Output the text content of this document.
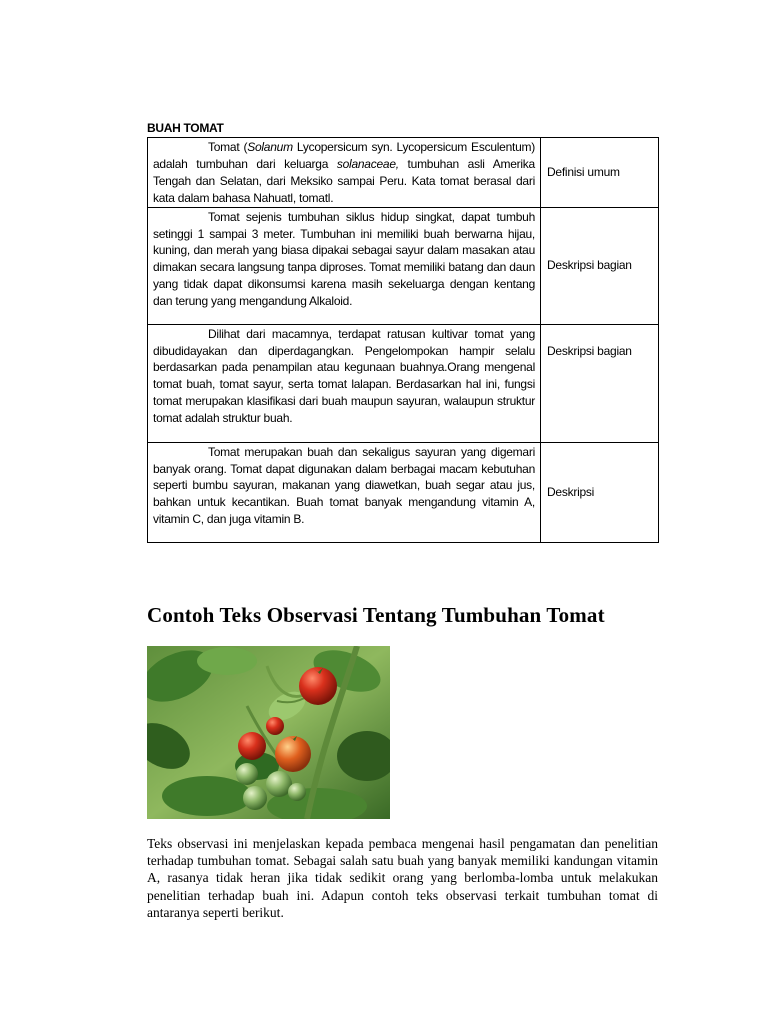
BUAH TOMAT
Tomat (Solanum Lycopersicum syn. Lycopersicum Esculentum) adalah tumbuhan dari keluarga solanaceae, tumbuhan asli Amerika Tengah dan Selatan, dari Meksiko sampai Peru. Kata tomat berasal dari kata dalam bahasa Nahuatl, tomatl.	Definisi umum
Tomat sejenis tumbuhan siklus hidup singkat, dapat tumbuh setinggi 1 sampai 3 meter. Tumbuhan ini memiliki buah berwarna hijau, kuning, dan merah yang biasa dipakai sebagai sayur dalam masakan atau dimakan secara langsung tanpa diproses. Tomat memiliki batang dan daun yang tidak dapat dikonsumsi karena masih sekeluarga dengan kentang dan terung yang mengandung Alkaloid.	Deskripsi bagian
Dilihat dari macamnya, terdapat ratusan kultivar tomat yang dibudidayakan dan diperdagangkan. Pengelompokan hampir selalu berdasarkan pada penampilan atau kegunaan buahnya.Orang mengenal tomat buah, tomat sayur, serta tomat lalapan. Berdasarkan hal ini, fungsi tomat merupakan klasifikasi dari buah maupun sayuran, walaupun struktur tomat adalah struktur buah.	Deskripsi bagian
Tomat merupakan buah dan sekaligus sayuran yang digemari banyak orang. Tomat dapat digunakan dalam berbagai macam kebutuhan seperti bumbu sayuran, makanan yang diawetkan, buah segar atau jus, bahkan untuk kecantikan. Buah tomat banyak mengandung vitamin A, vitamin C, dan juga vitamin B.	Deskripsi
Contoh Teks Observasi Tentang Tumbuhan Tomat

Teks observasi ini menjelaskan kepada pembaca mengenai hasil pengamatan dan penelitian terhadap tumbuhan tomat. Sebagai salah satu buah yang banyak memiliki kandungan vitamin A, rasanya tidak heran jika tidak sedikit orang yang berlomba-lomba untuk melakukan penelitian terhadap buah ini. Adapun contoh teks observasi terkait tumbuhan tomat di antaranya seperti berikut.
